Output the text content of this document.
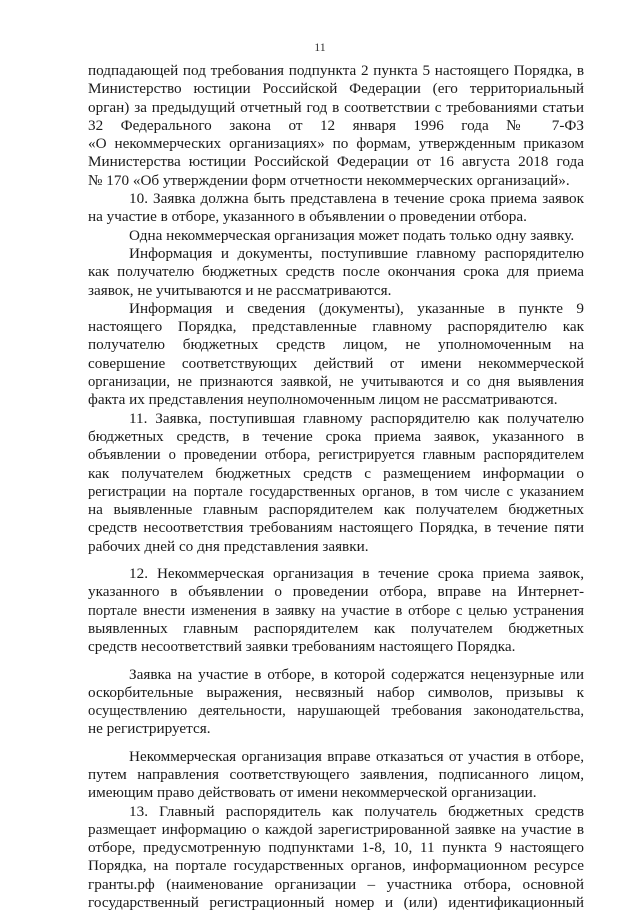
11
подпадающей под требования подпункта 2 пункта 5 настоящего Порядка, в
Министерство юстиции Российской Федерации (его территориальный
орган) за предыдущий отчетный год в соответствии с требованиями статьи
32 Федерального закона от 12 января 1996 года № 7-ФЗ
«О некоммерческих организациях» по формам, утвержденным приказом
Министерства юстиции Российской Федерации от 16 августа 2018 года
№ 170 «Об утверждении форм отчетности некоммерческих организаций».
10. Заявка должна быть представлена в течение срока приема заявок
на участие в отборе, указанного в объявлении о проведении отбора.
Одна некоммерческая организация может подать только одну заявку.
Информация и документы, поступившие главному распорядителю
как получателю бюджетных средств после окончания срока для приема
заявок, не учитываются и не рассматриваются.
Информация и сведения (документы), указанные в пункте 9
настоящего Порядка, представленные главному распорядителю как
получателю бюджетных средств лицом, не уполномоченным на
совершение соответствующих действий от имени некоммерческой
организации, не признаются заявкой, не учитываются и со дня выявления
факта их представления неуполномоченным лицом не рассматриваются.
11. Заявка, поступившая главному распорядителю как получателю
бюджетных средств, в течение срока приема заявок, указанного в
объявлении о проведении отбора, регистрируется главным распорядителем
как получателем бюджетных средств с размещением информации о
регистрации на портале государственных органов, в том числе с указанием
на выявленные главным распорядителем как получателем бюджетных
средств несоответствия требованиям настоящего Порядка, в течение пяти
рабочих дней со дня представления заявки.
12. Некоммерческая организация в течение срока приема заявок,
указанного в объявлении о проведении отбора, вправе на Интернет-
портале внести изменения в заявку на участие в отборе с целью устранения
выявленных главным распорядителем как получателем бюджетных
средств несоответствий заявки требованиям настоящего Порядка.
Заявка на участие в отборе, в которой содержатся нецензурные или
оскорбительные выражения, несвязный набор символов, призывы к
осуществлению деятельности, нарушающей требования законодательства,
не регистрируется.
Некоммерческая организация вправе отказаться от участия в отборе,
путем направления соответствующего заявления, подписанного лицом,
имеющим право действовать от имени некоммерческой организации.
13. Главный распорядитель как получатель бюджетных средств
размещает информацию о каждой зарегистрированной заявке на участие в
отборе, предусмотренную подпунктами 1-8, 10, 11 пункта 9 настоящего
Порядка, на портале государственных органов, информационном ресурсе
гранты.рф (наименование организации – участника отбора, основной
государственный регистрационный номер и (или) идентификационный
